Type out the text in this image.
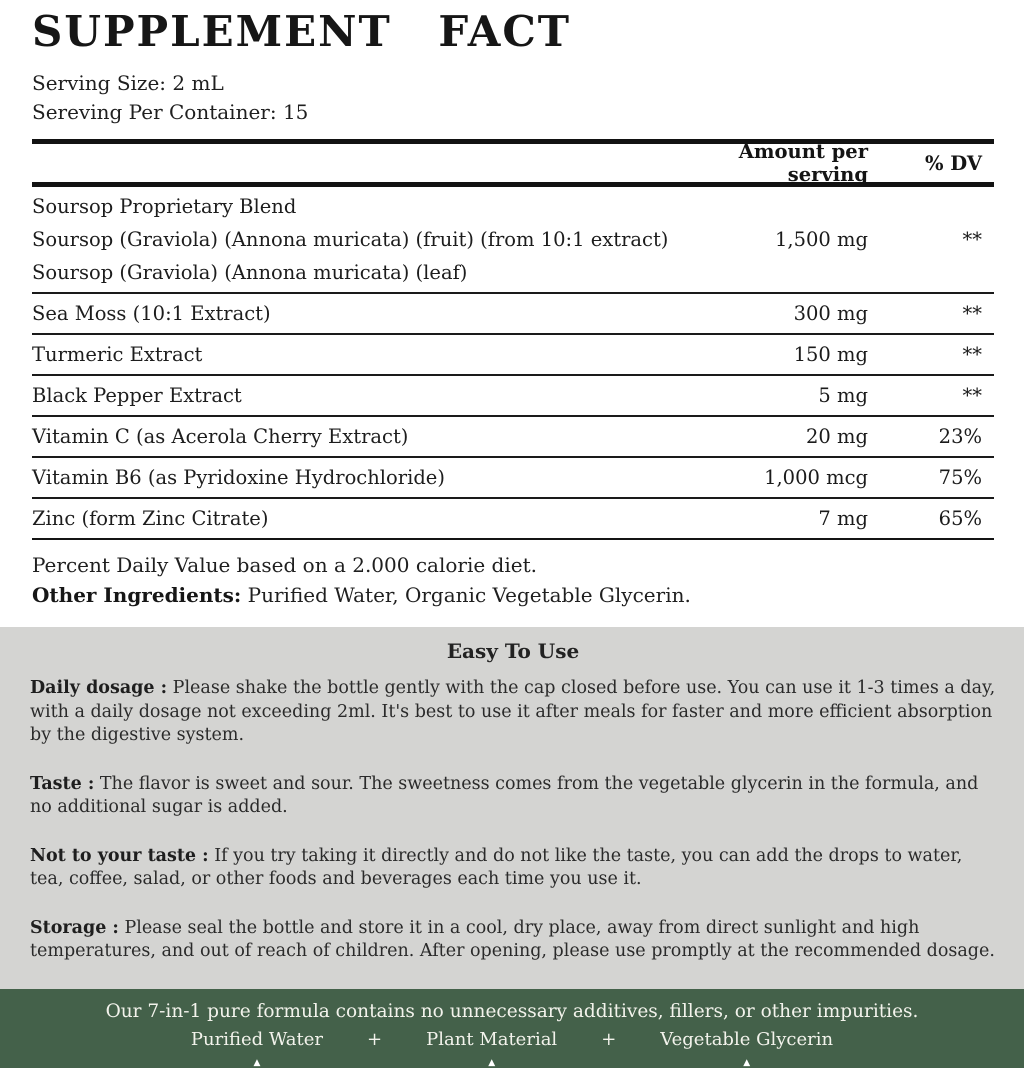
SUPPLEMENT FACT

Serving Size: 2 mL

Sereving Per Container: 15

Amount per serving	% DV
Soursop Proprietary Blend
Soursop (Graviola) (Annona muricata) (fruit) (from 10:1 extract)
Soursop (Graviola) (Annona muricata) (leaf)
1,500 mg	**
Sea Moss (10:1 Extract)	300 mg	**
Turmeric Extract	150 mg	**
Black Pepper Extract	5 mg	**
Vitamin C (as Acerola Cherry Extract)	20 mg	23%
Vitamin B6 (as Pyridoxine Hydrochloride)	1,000 mcg	75%
Zinc (form Zinc Citrate)	7 mg	65%

Percent Daily Value based on a 2.000 calorie diet.

Other Ingredients: Purified Water, Organic Vegetable Glycerin.

Easy To Use

Daily dosage : Please shake the bottle gently with the cap closed before use. You can use it 1-3 times a day, with a daily dosage not exceeding 2ml. It's best to use it after meals for faster and more efficient absorption by the digestive system.

Taste : The flavor is sweet and sour. The sweetness comes from the vegetable glycerin in the formula, and no additional sugar is added.

Not to your taste : If you try taking it directly and do not like the taste, you can add the drops to water, tea, coffee, salad, or other foods and beverages each time you use it.

Storage : Please seal the bottle and store it in a cool, dry place, away from direct sunlight and high temperatures, and out of reach of children. After opening, please use promptly at the recommended dosage.

Our 7-in-1 pure formula contains no unnecessary additives, fillers, or other impurities.

Purified Water
▲
+ Plant Material
▲
+ Vegetable Glycerin
▲
